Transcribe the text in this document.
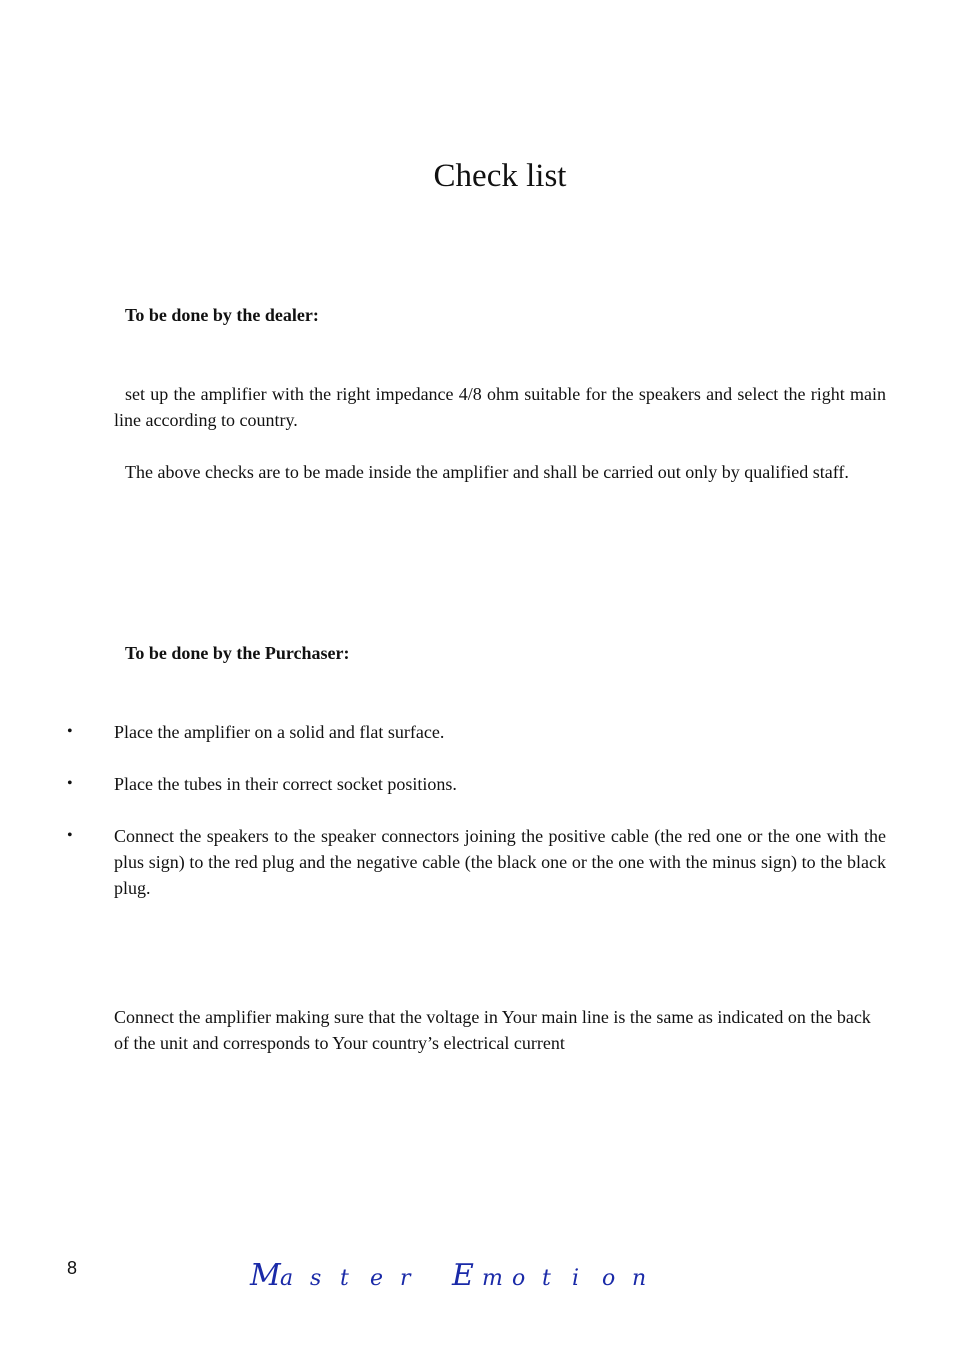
Check list
To be done by the dealer:

set up the amplifier with the right impedance 4/8 ohm suitable for the speakers and select the right main line according to country.

The above checks are to be made inside the amplifier and shall be carried out only by qualified staff.

To be done by the Purchaser:
• Place the amplifier on a solid and flat surface.
• Place the tubes in their correct socket positions.
• Connect the speakers to the speaker connectors joining the positive cable (the red one or the one with the plus sign) to the red plug and the negative cable (the black one or the one with the minus sign) to the black plug.

Connect the amplifier making sure that the voltage in Your main line is the same as indicated on the back of the unit and corresponds to Your country’s electrical current

8	Ma s t e r E m o t i o n
